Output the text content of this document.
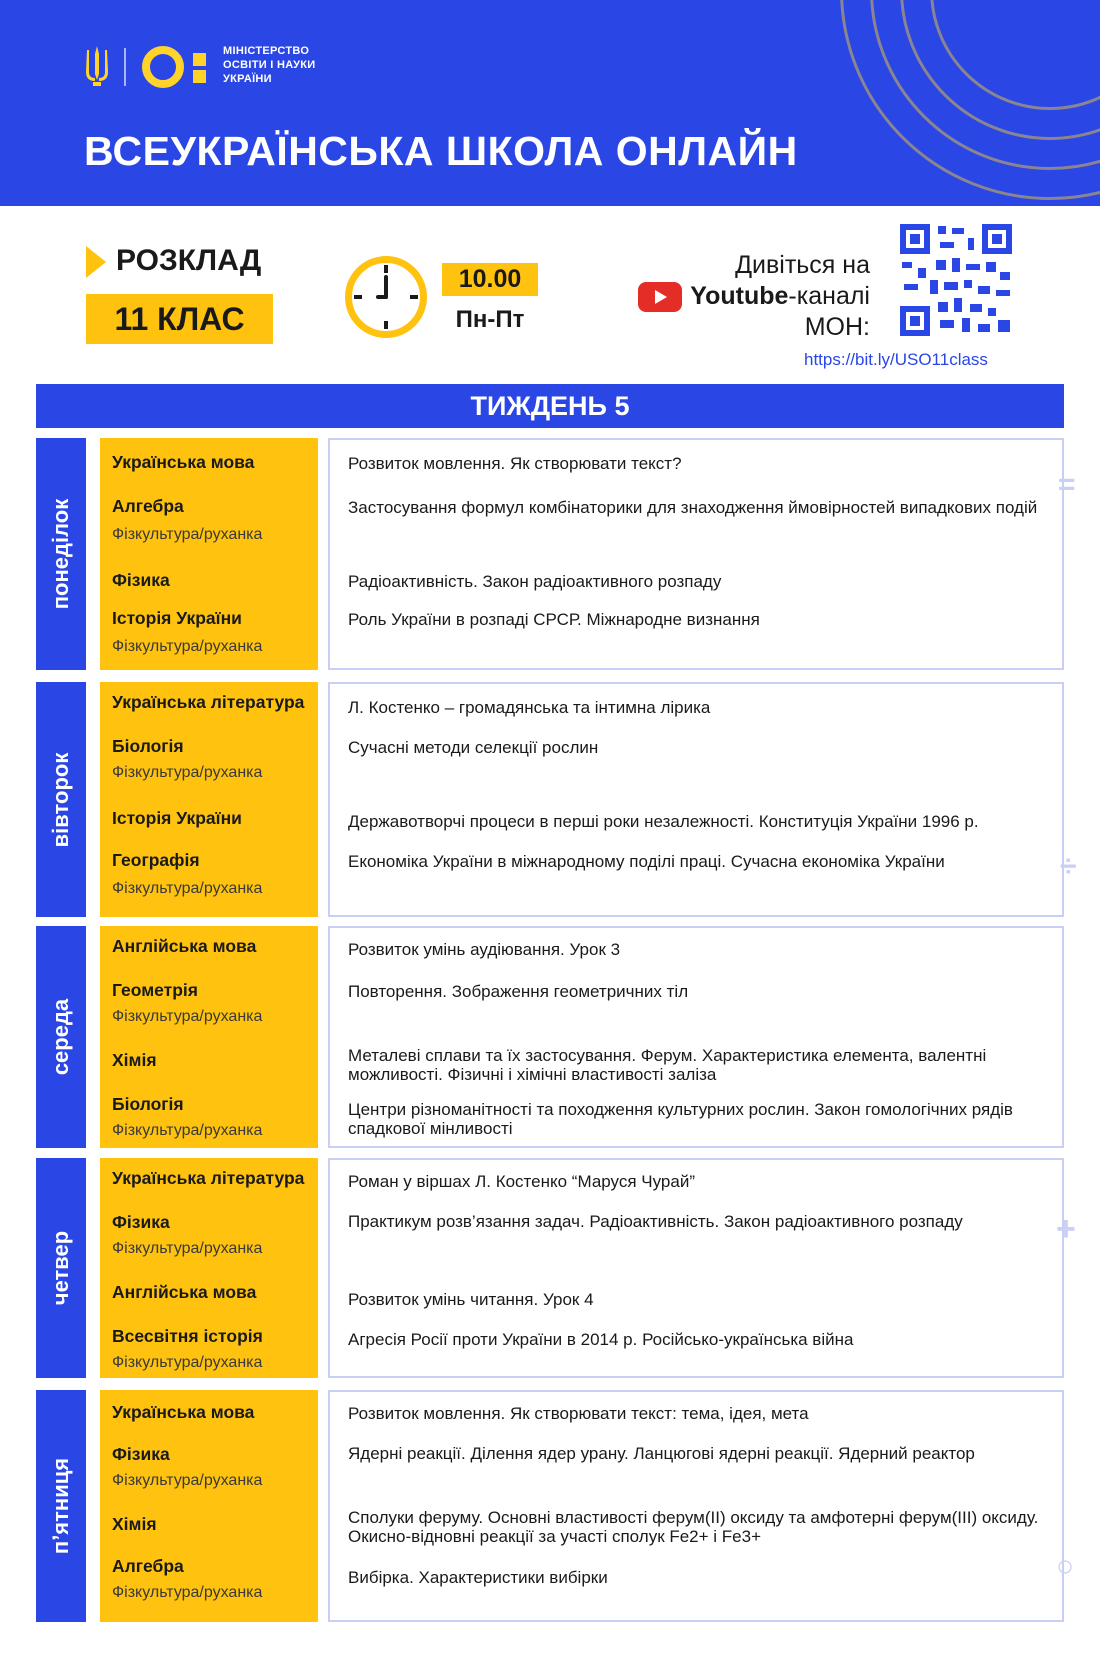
МІНІСТЕРСТВО
ОСВІТИ І НАУКИ
УКРАЇНИ
ВСЕУКРАЇНСЬКА ШКОЛА ОНЛАЙН
РОЗКЛАД
11 КЛАС
10.00
Пн-Пт
Дивіться на
Youtube -каналі
МОН:
https://bit.ly/USO11class
ТИЖДЕНЬ 5
=
÷
+
○
понеділок
Українська мова
Алгебра
Фізкультура/руханка
Фізика
Історія України
Фізкультура/руханка
Розвиток мовлення. Як створювати текст?
Застосування формул комбінаторики для знаходження ймовірностей випадкових подій
Радіоактивність. Закон радіоактивного розпаду
Роль України в розпаді СРСР. Міжнародне визнання
вівторок
Українська література
Біологія
Фізкультура/руханка
Історія України
Географія
Фізкультура/руханка
Л. Костенко – громадянська та інтимна лірика
Сучасні методи селекції рослин
Державотворчі процеси в перші роки незалежності. Конституція України 1996 р.
Економіка України в міжнародному поділі праці. Сучасна економіка України
середа
Англійська мова
Геометрія
Фізкультура/руханка
Хімія
Біологія
Фізкультура/руханка
Розвиток умінь аудіювання. Урок 3
Повторення. Зображення геометричних тіл
Металеві сплави та їх застосування. Ферум. Характеристика елемента, валентні можливості. Фізичні і хімічні властивості заліза
Центри різноманітності та походження культурних рослин. Закон гомологічних рядів спадкової мінливості
четвер
Українська література
Фізика
Фізкультура/руханка
Англійська мова
Всесвітня історія
Фізкультура/руханка
Роман у віршах Л. Костенко “Маруся Чурай”
Практикум розв’язання задач. Радіоактивність. Закон радіоактивного розпаду
Розвиток умінь читання. Урок 4
Агресія Росії проти України в 2014 р. Російсько-українська війна
п’ятниця
Українська мова
Фізика
Фізкультура/руханка
Хімія
Алгебра
Фізкультура/руханка
Розвиток мовлення. Як створювати текст: тема, ідея, мета
Ядерні реакції. Ділення ядер урану. Ланцюгові ядерні реакції. Ядерний реактор
Сполуки феруму. Основні властивості ферум(ІІ) оксиду та амфотерні ферум(ІІІ) оксиду. Окисно-відновні реакції за участі сполук Fe2+ і Fe3+
Вибірка. Характеристики вибірки
